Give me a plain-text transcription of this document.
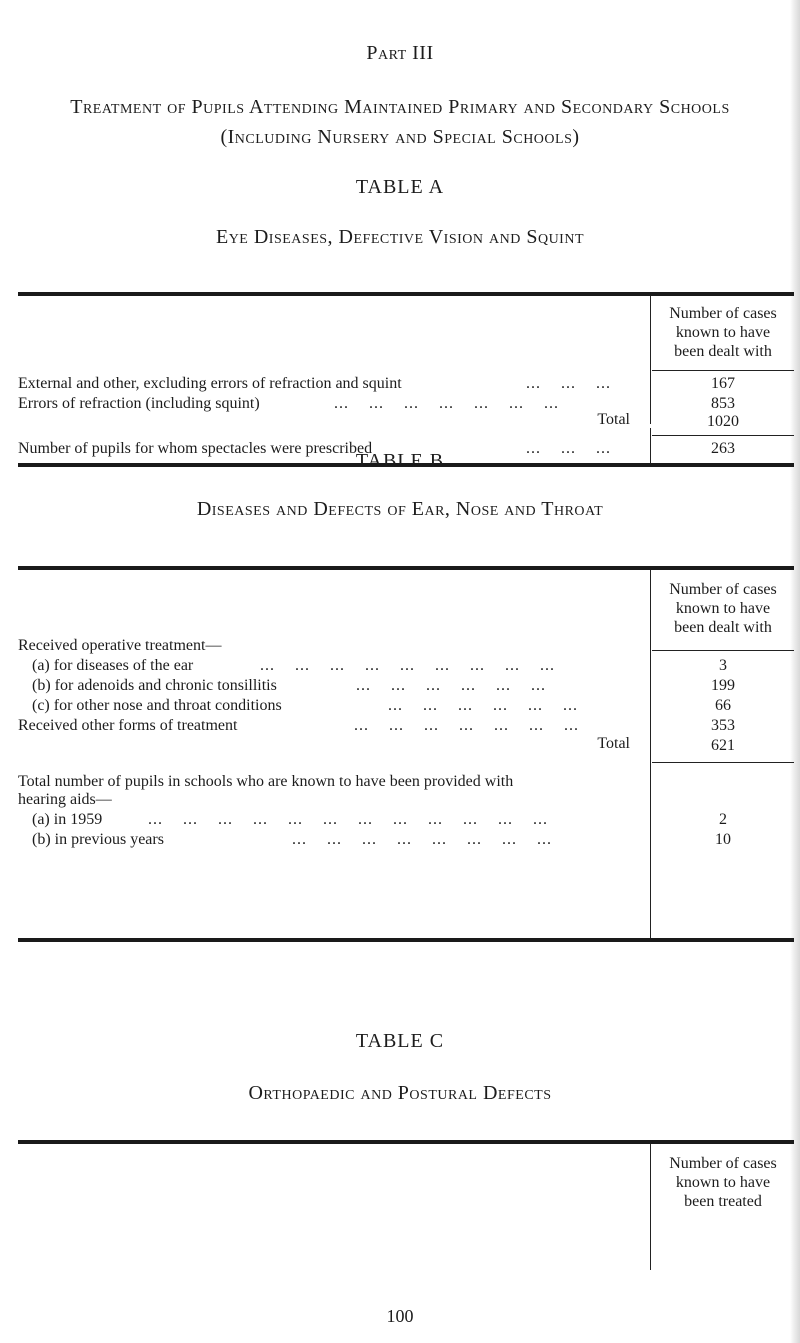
Part III
Treatment of Pupils Attending Maintained Primary and Secondary Schools
(Including Nursery and Special Schools)
TABLE A
Eye Diseases, Defective Vision and Squint
Number of cases
known to have
been dealt with
External and other, excluding errors of refraction and squint	...    ...    ...	167
Errors of refraction (including squint)	...    ...    ...    ...    ...    ...    ...	853
Total	1020
Number of pupils for whom spectacles were prescribed	...    ...    ...	263
TABLE B
Diseases and Defects of Ear, Nose and Throat
Number of cases
known to have
been dealt with
Received operative treatment—
(a) for diseases of the ear	...    ...    ...    ...    ...    ...    ...    ...    ...	3
(b) for adenoids and chronic tonsillitis	...    ...    ...    ...    ...    ...	199
(c) for other nose and throat conditions	...    ...    ...    ...    ...    ...	66
Received other forms of treatment	...    ...    ...    ...    ...    ...    ...	353
Total	621
Total number of pupils in schools who are known to have been provided with
hearing aids—
(a) in 1959	...    ...    ...    ...    ...    ...    ...    ...    ...    ...    ...    ...	2
(b) in previous years	...    ...    ...    ...    ...    ...    ...    ...	10
TABLE C
Orthopaedic and Postural Defects
Number of cases
known to have
been treated
100
